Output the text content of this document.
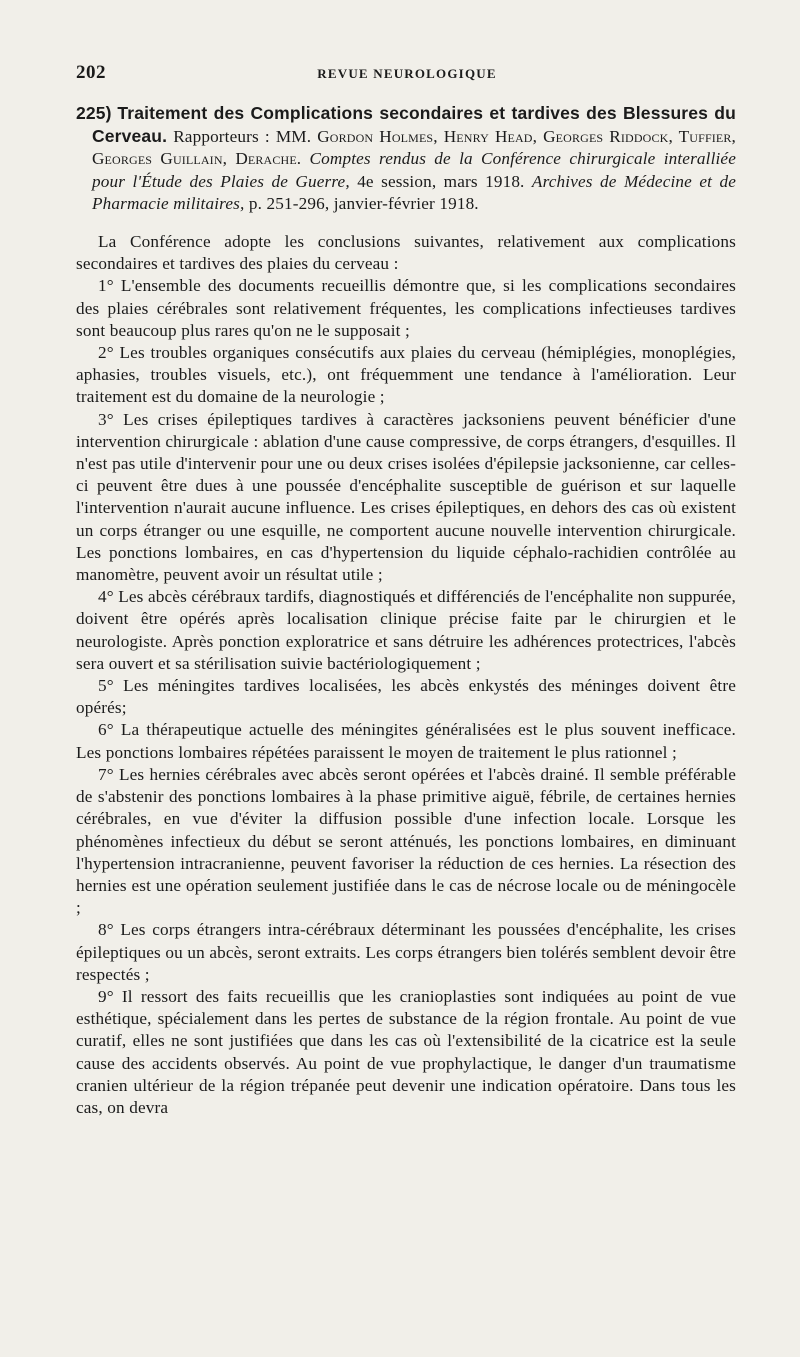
202	REVUE NEUROLOGIQUE
225) Traitement des Complications secondaires et tardives des Blessures du Cerveau. Rapporteurs : MM. Gordon Holmes, Henry Head, Georges Riddock, Tuffier, Georges Guillain, Derache. Comptes rendus de la Conférence chirurgicale interalliée pour l'Étude des Plaies de Guerre, 4e session, mars 1918. Archives de Médecine et de Pharmacie militaires, p. 251-296, janvier-février 1918.

La Conférence adopte les conclusions suivantes, relativement aux complications secondaires et tardives des plaies du cerveau :

1° L'ensemble des documents recueillis démontre que, si les complications secondaires des plaies cérébrales sont relativement fréquentes, les complications infectieuses tardives sont beaucoup plus rares qu'on ne le supposait ;

2° Les troubles organiques consécutifs aux plaies du cerveau (hémiplégies, monoplégies, aphasies, troubles visuels, etc.), ont fréquemment une tendance à l'amélioration. Leur traitement est du domaine de la neurologie ;

3° Les crises épileptiques tardives à caractères jacksoniens peuvent bénéficier d'une intervention chirurgicale : ablation d'une cause compressive, de corps étrangers, d'esquilles. Il n'est pas utile d'intervenir pour une ou deux crises isolées d'épilepsie jacksonienne, car celles-ci peuvent être dues à une poussée d'encéphalite susceptible de guérison et sur laquelle l'intervention n'aurait aucune influence. Les crises épileptiques, en dehors des cas où existent un corps étranger ou une esquille, ne comportent aucune nouvelle intervention chirurgicale. Les ponctions lombaires, en cas d'hypertension du liquide céphalo-rachidien contrôlée au manomètre, peuvent avoir un résultat utile ;

4° Les abcès cérébraux tardifs, diagnostiqués et différenciés de l'encéphalite non suppurée, doivent être opérés après localisation clinique précise faite par le chirurgien et le neurologiste. Après ponction exploratrice et sans détruire les adhérences protectrices, l'abcès sera ouvert et sa stérilisation suivie bactériologiquement ;

5° Les méningites tardives localisées, les abcès enkystés des méninges doivent être opérés;

6° La thérapeutique actuelle des méningites généralisées est le plus souvent inefficace. Les ponctions lombaires répétées paraissent le moyen de traitement le plus rationnel ;

7° Les hernies cérébrales avec abcès seront opérées et l'abcès drainé. Il semble préférable de s'abstenir des ponctions lombaires à la phase primitive aiguë, fébrile, de certaines hernies cérébrales, en vue d'éviter la diffusion possible d'une infection locale. Lorsque les phénomènes infectieux du début se seront atténués, les ponctions lombaires, en diminuant l'hypertension intracranienne, peuvent favoriser la réduction de ces hernies. La résection des hernies est une opération seulement justifiée dans le cas de nécrose locale ou de méningocèle ;

8° Les corps étrangers intra-cérébraux déterminant les poussées d'encéphalite, les crises épileptiques ou un abcès, seront extraits. Les corps étrangers bien tolérés semblent devoir être respectés ;

9° Il ressort des faits recueillis que les cranioplasties sont indiquées au point de vue esthétique, spécialement dans les pertes de substance de la région frontale. Au point de vue curatif, elles ne sont justifiées que dans les cas où l'extensibilité de la cicatrice est la seule cause des accidents observés. Au point de vue prophylactique, le danger d'un traumatisme cranien ultérieur de la région trépanée peut devenir une indication opératoire. Dans tous les cas, on devra
